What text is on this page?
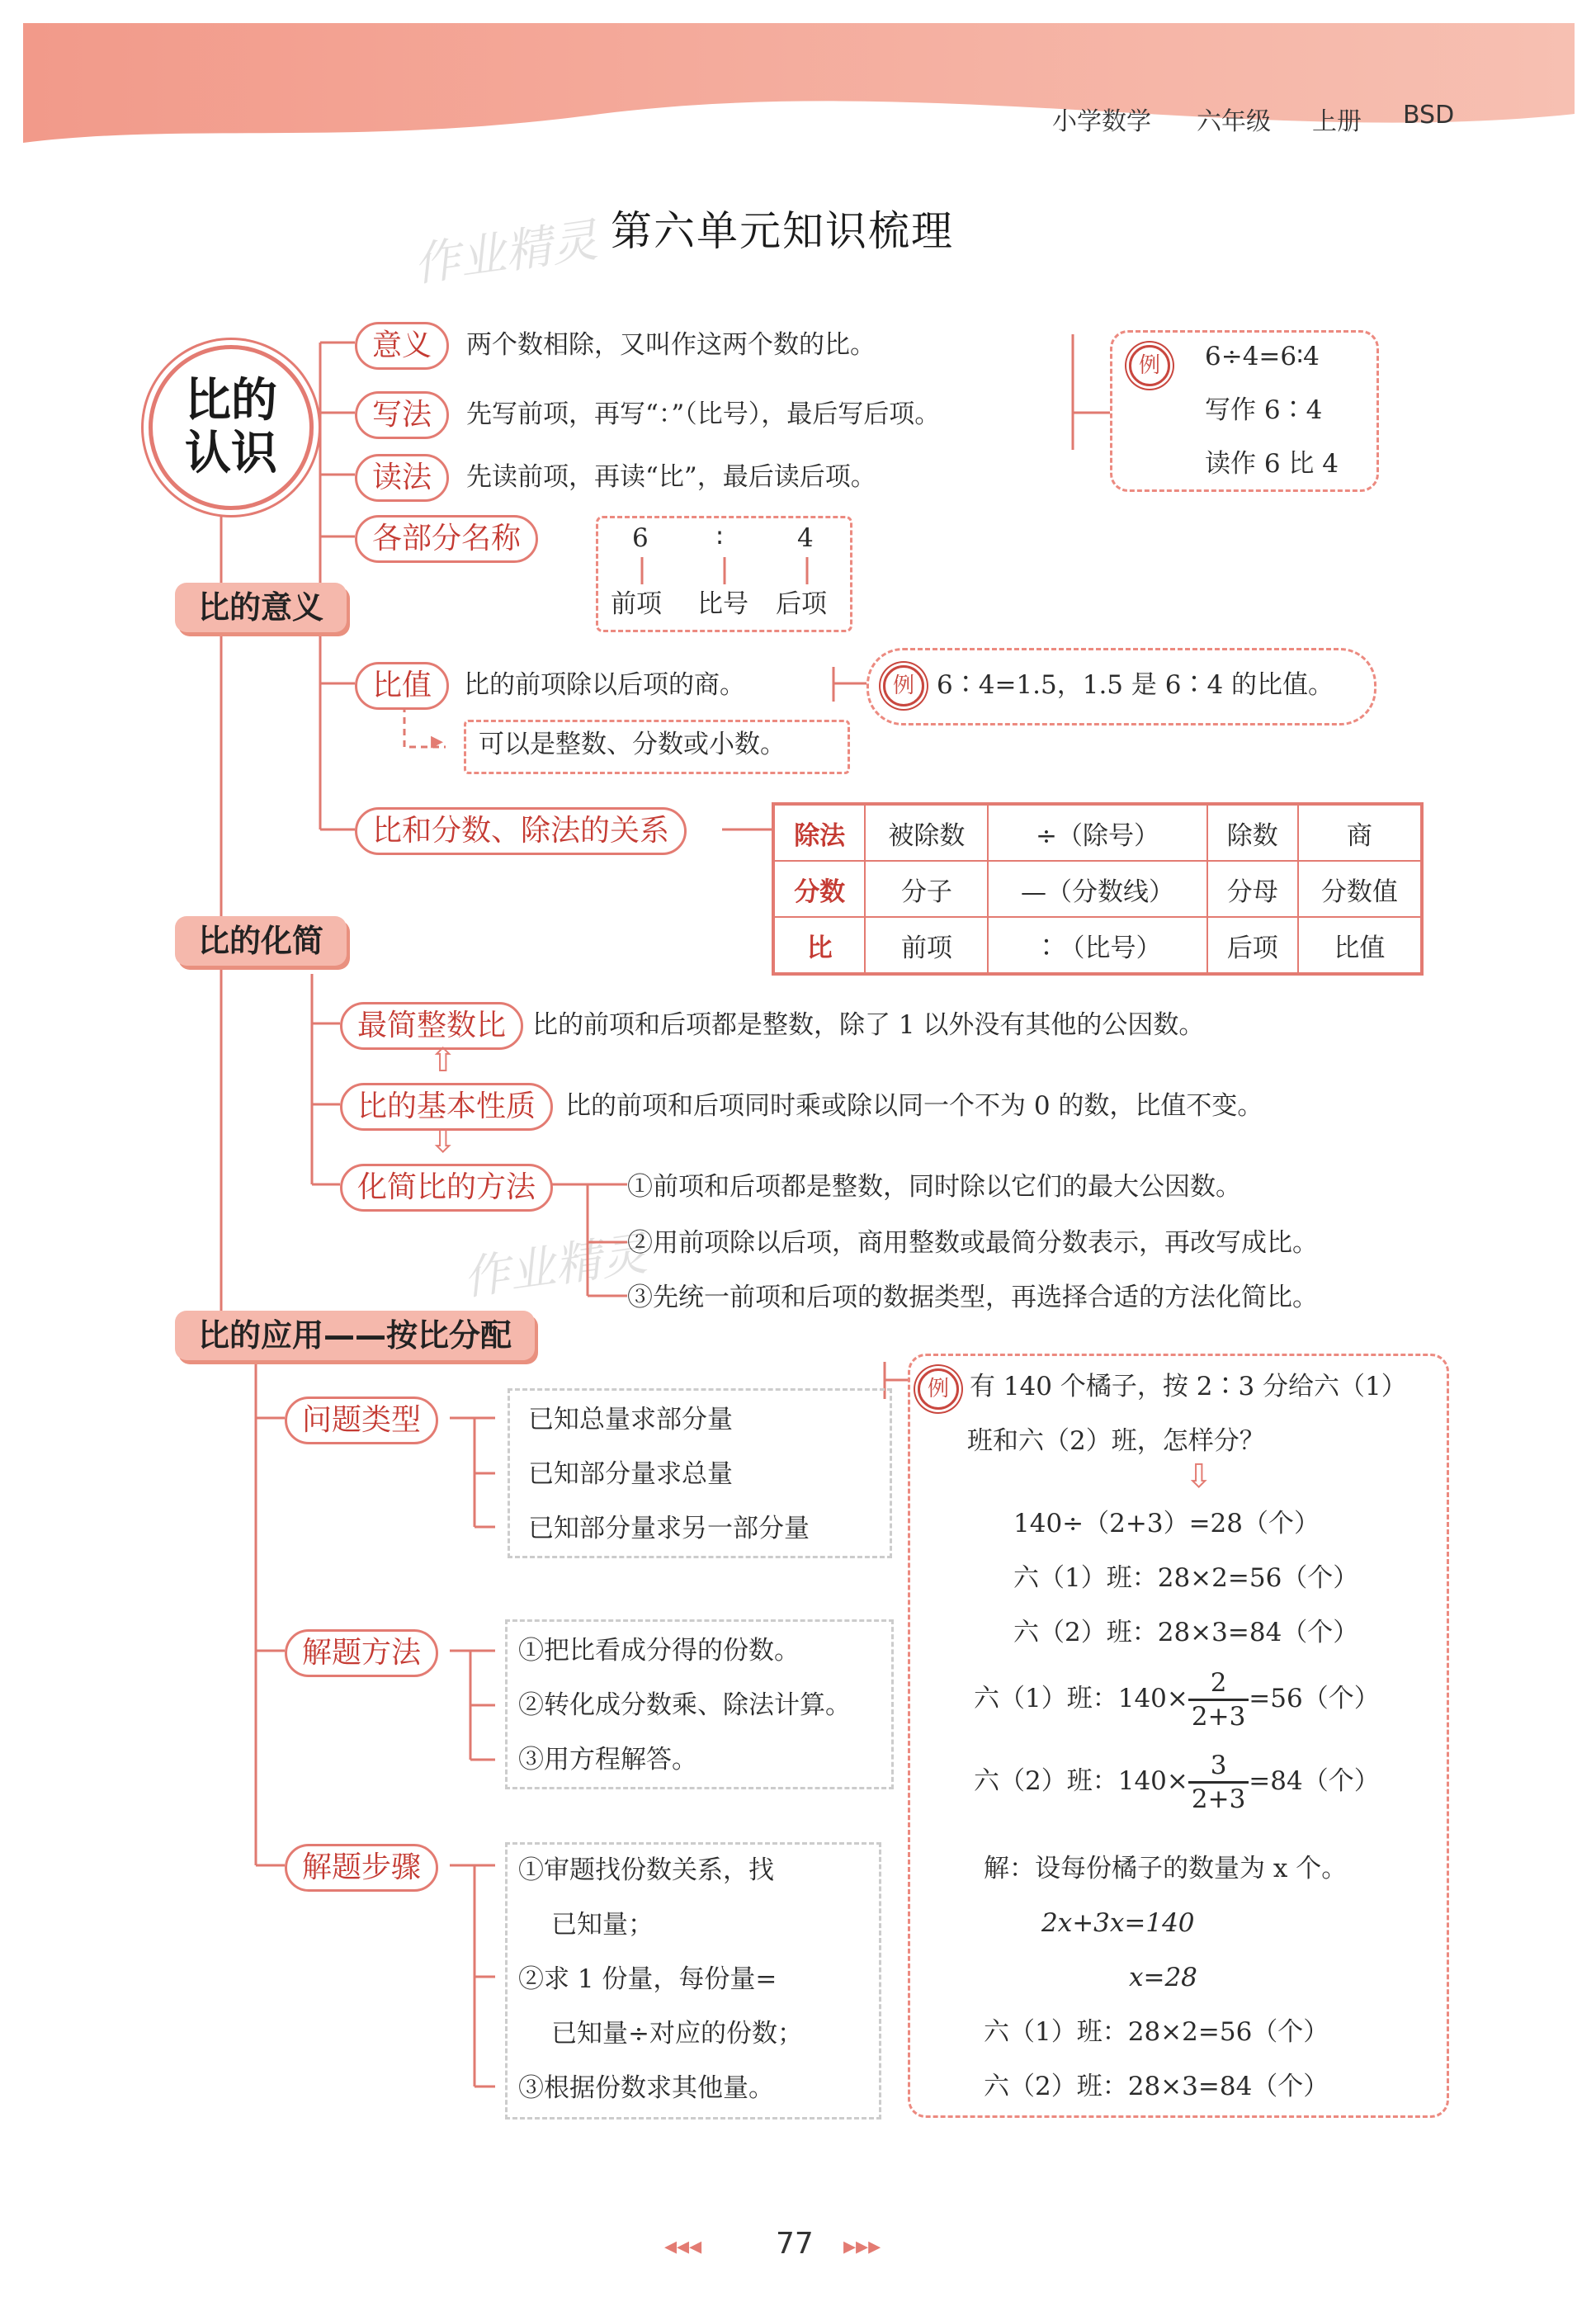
小学数学 六年级 上册 BSD
第六单元知识梳理
作业精灵
作业精灵
比的认识
比的意义
比的化简
比的应用——按比分配
意义	两个数相除，又叫作这两个数的比。
写法	先写前项，再写“：”（比号），最后写后项。
读法	先读前项，再读“比”，最后读后项。
例	6÷4=6∶4
写作 6∶4
读作 6 比 4
各部分名称	6	∶	4
前项 比号 后项
比值	比的前项除以后项的商。
▸ 可以是整数、分数或小数。
例 6∶4=1.5，1.5 是 6∶4 的比值。
比和分数、除法的关系	除法	被除数	÷（除号）	除数	商
分数	分子	—（分数线）	分母	分数值
比	前项	∶（比号）	后项	比值
最简整数比	比的前项和后项都是整数，除了 1 以外没有其他的公因数。
⇧
比的基本性质	比的前项和后项同时乘或除以同一个不为 0 的数，比值不变。
⇩
化简比的方法	①前项和后项都是整数，同时除以它们的最大公因数。
②用前项除以后项，商用整数或最简分数表示，再改写成比。
③先统一前项和后项的数据类型，再选择合适的方法化简比。
问题类型	已知总量求部分量
已知部分量求总量
已知部分量求另一部分量
解题方法	①把比看成分得的份数。
②转化成分数乘、除法计算。
③用方程解答。
解题步骤	①审题找份数关系，找
已知量；
②求 1 份量，每份量=
已知量÷对应的份数；
③根据份数求其他量。
例 有 140 个橘子，按 2∶3 分给六（1）
班和六（2）班，怎样分？
⇩
140÷（2+3）=28（个）
六（1）班：28×2=56（个）
六（2）班：28×3=84（个）
六（1）班：$140\times \frac{2}{2+3} =56$（个）
六（2）班：$140\times \frac{3}{2+3} =84$（个）
解：设每份橘子的数量为 x 个。
2x+3x=140
x=28
六（1）班：28×2=56（个）
六（2）班：28×3=84（个）
◂◂◂ 77 ▸▸▸
